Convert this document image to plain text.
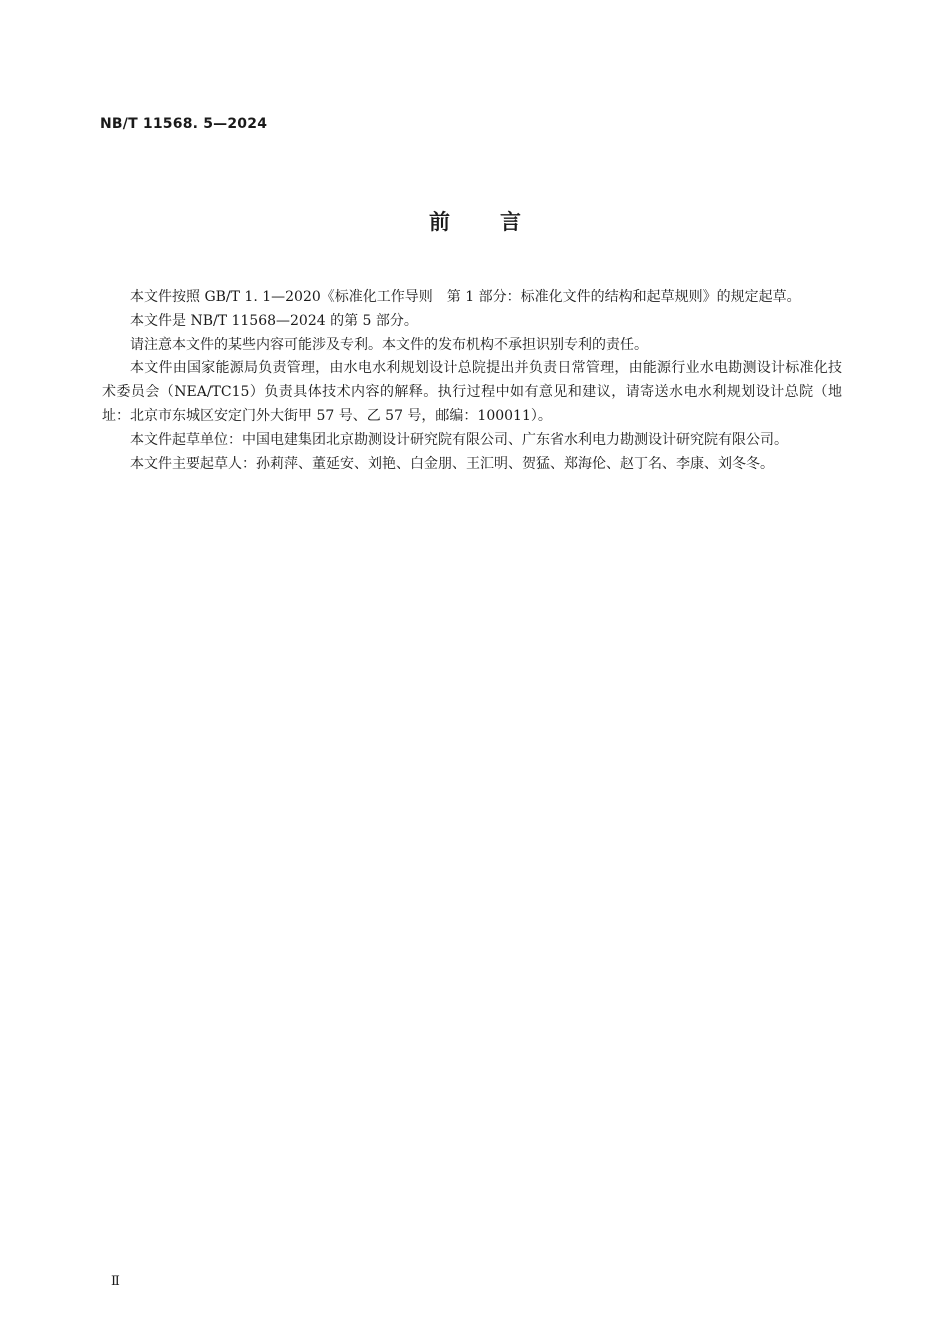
NB/T 11568. 5—2024
前言

本文件按照 GB/T 1. 1—2020《标准化工作导则　第 1 部分：标准化文件的结构和起草规则》的规定起草。

本文件是 NB/T 11568—2024 的第 5 部分。

请注意本文件的某些内容可能涉及专利。本文件的发布机构不承担识别专利的责任。

本文件由国家能源局负责管理，由水电水利规划设计总院提出并负责日常管理，由能源行业水电勘测设计标准化技术委员会（NEA/TC15）负责具体技术内容的解释。执行过程中如有意见和建议，请寄送水电水利规划设计总院（地址：北京市东城区安定门外大街甲 57 号、乙 57 号，邮编：100011）。

本文件起草单位：中国电建集团北京勘测设计研究院有限公司、广东省水利电力勘测设计研究院有限公司。

本文件主要起草人：孙莉萍、董延安、刘艳、白金朋、王汇明、贺猛、郑海伦、赵丁名、李康、刘冬冬。

Ⅱ
